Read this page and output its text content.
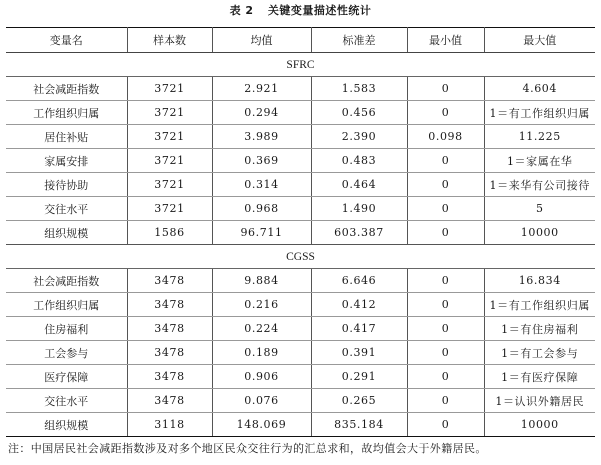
表 2 关键变量描述性统计
变量名	样本数	均值	标准差	最小值	最大值
SFRC					
社会减距指数	3721	2.921	1.583	0	4.604
工作组织归属	3721	0.294	0.456	0	1＝有工作组织归属
居住补贴	3721	3.989	2.390	0.098	11.225
家属安排	3721	0.369	0.483	0	1＝家属在华
接待协助	3721	0.314	0.464	0	1＝来华有公司接待
交往水平	3721	0.968	1.490	0	5
组织规模	1586	96.711	603.387	0	10000
CGSS					
社会减距指数	3478	9.884	6.646	0	16.834
工作组织归属	3478	0.216	0.412	0	1＝有工作组织归属
住房福利	3478	0.224	0.417	0	1＝有住房福利
工会参与	3478	0.189	0.391	0	1＝有工会参与
医疗保障	3478	0.906	0.291	0	1＝有医疗保障
交往水平	3478	0.076	0.265	0	1＝认识外籍居民
组织规模	3118	148.069	835.184	0	10000
注：中国居民社会减距指数涉及对多个地区民众交往行为的汇总求和，故均值会大于外籍居民。
